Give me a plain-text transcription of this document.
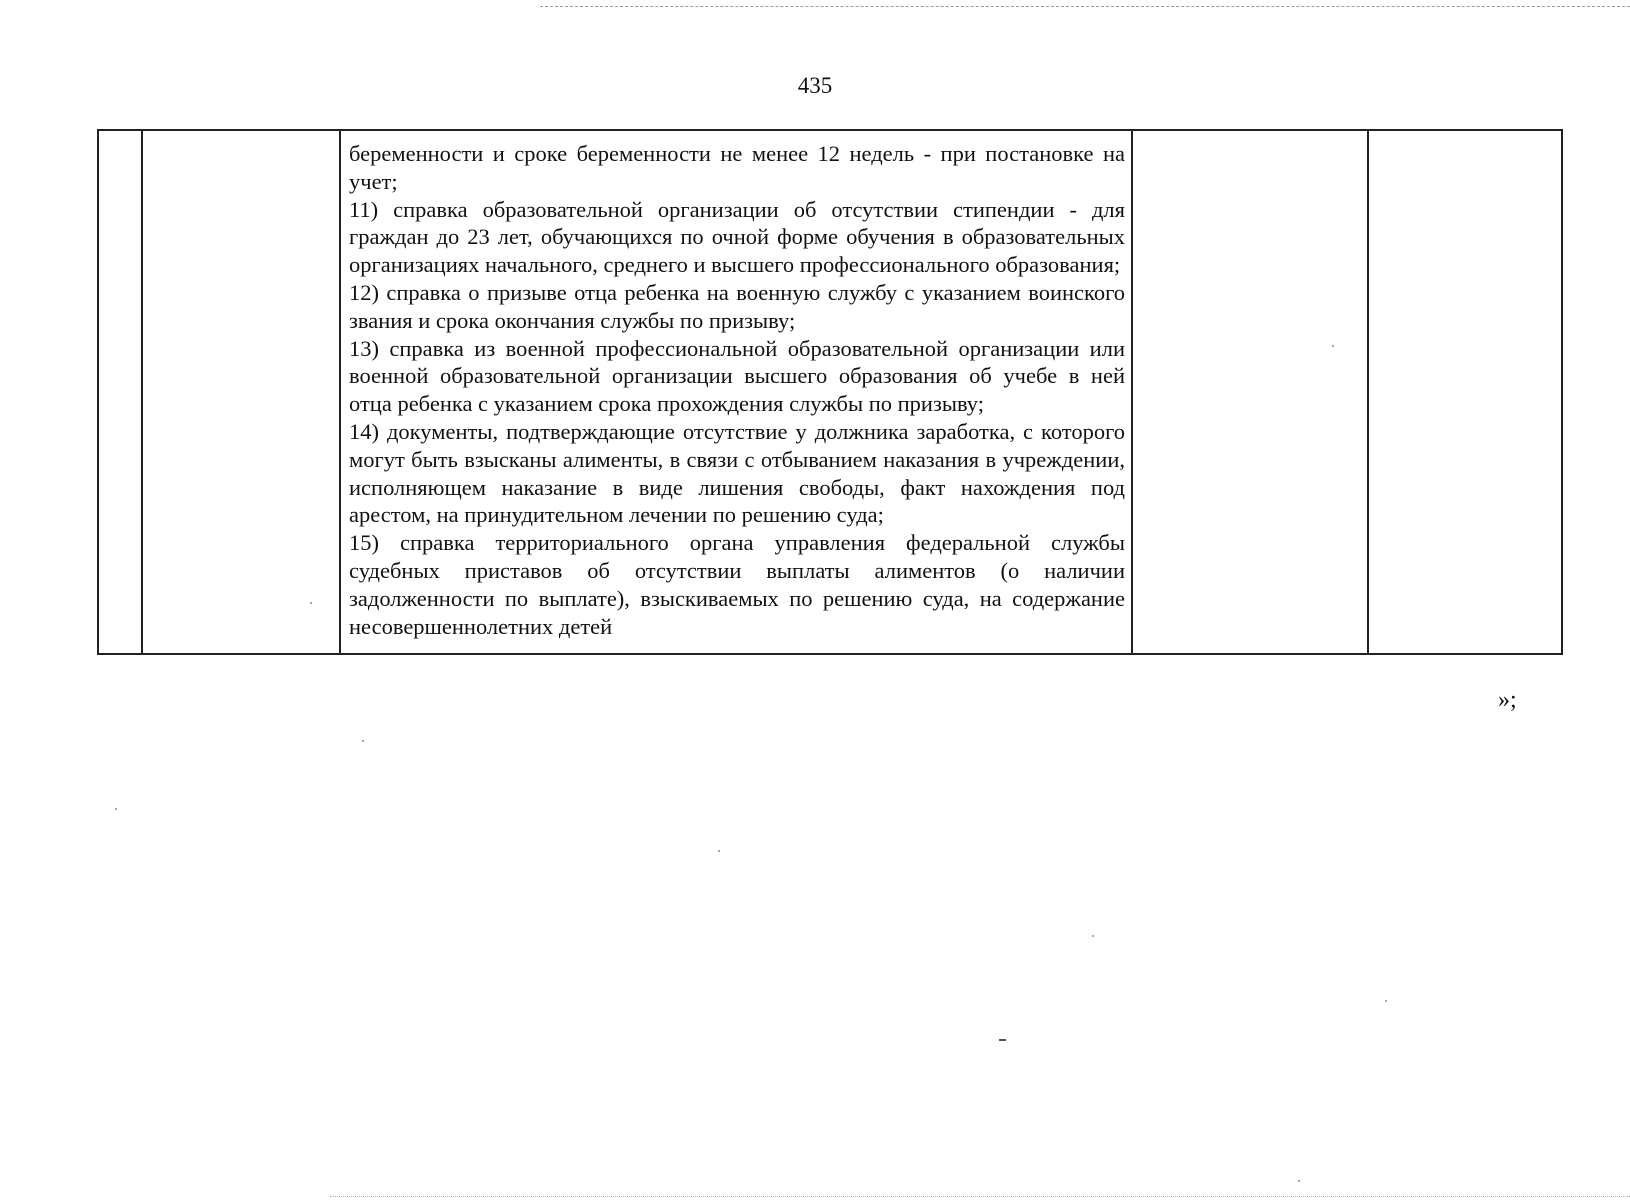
435

беременности и сроке беременности не менее 12 недель - при постановке на учет;

11) справка образовательной организации об отсутствии стипендии - для граждан до 23 лет, обучающихся по очной форме обучения в образовательных организациях начального, среднего и высшего профессионального образования;

12) справка о призыве отца ребенка на военную службу с указанием воинского звания и срока окончания службы по призыву;

13) справка из военной профессиональной образовательной организации или военной образовательной организации высшего образования об учебе в ней отца ребенка с указанием срока прохождения службы по призыву;

14) документы, подтверждающие отсутствие у должника заработка, с которого могут быть взысканы алименты, в связи с отбыванием наказания в учреждении, исполняющем наказание в виде лишения свободы, факт нахождения под арестом, на принудительном лечении по решению суда;

15) справка территориального органа управления федеральной службы судебных приставов об отсутствии выплаты алиментов (о наличии задолженности по выплате), взыскиваемых по решению суда, на содержание несовершеннолетних детей

»;
